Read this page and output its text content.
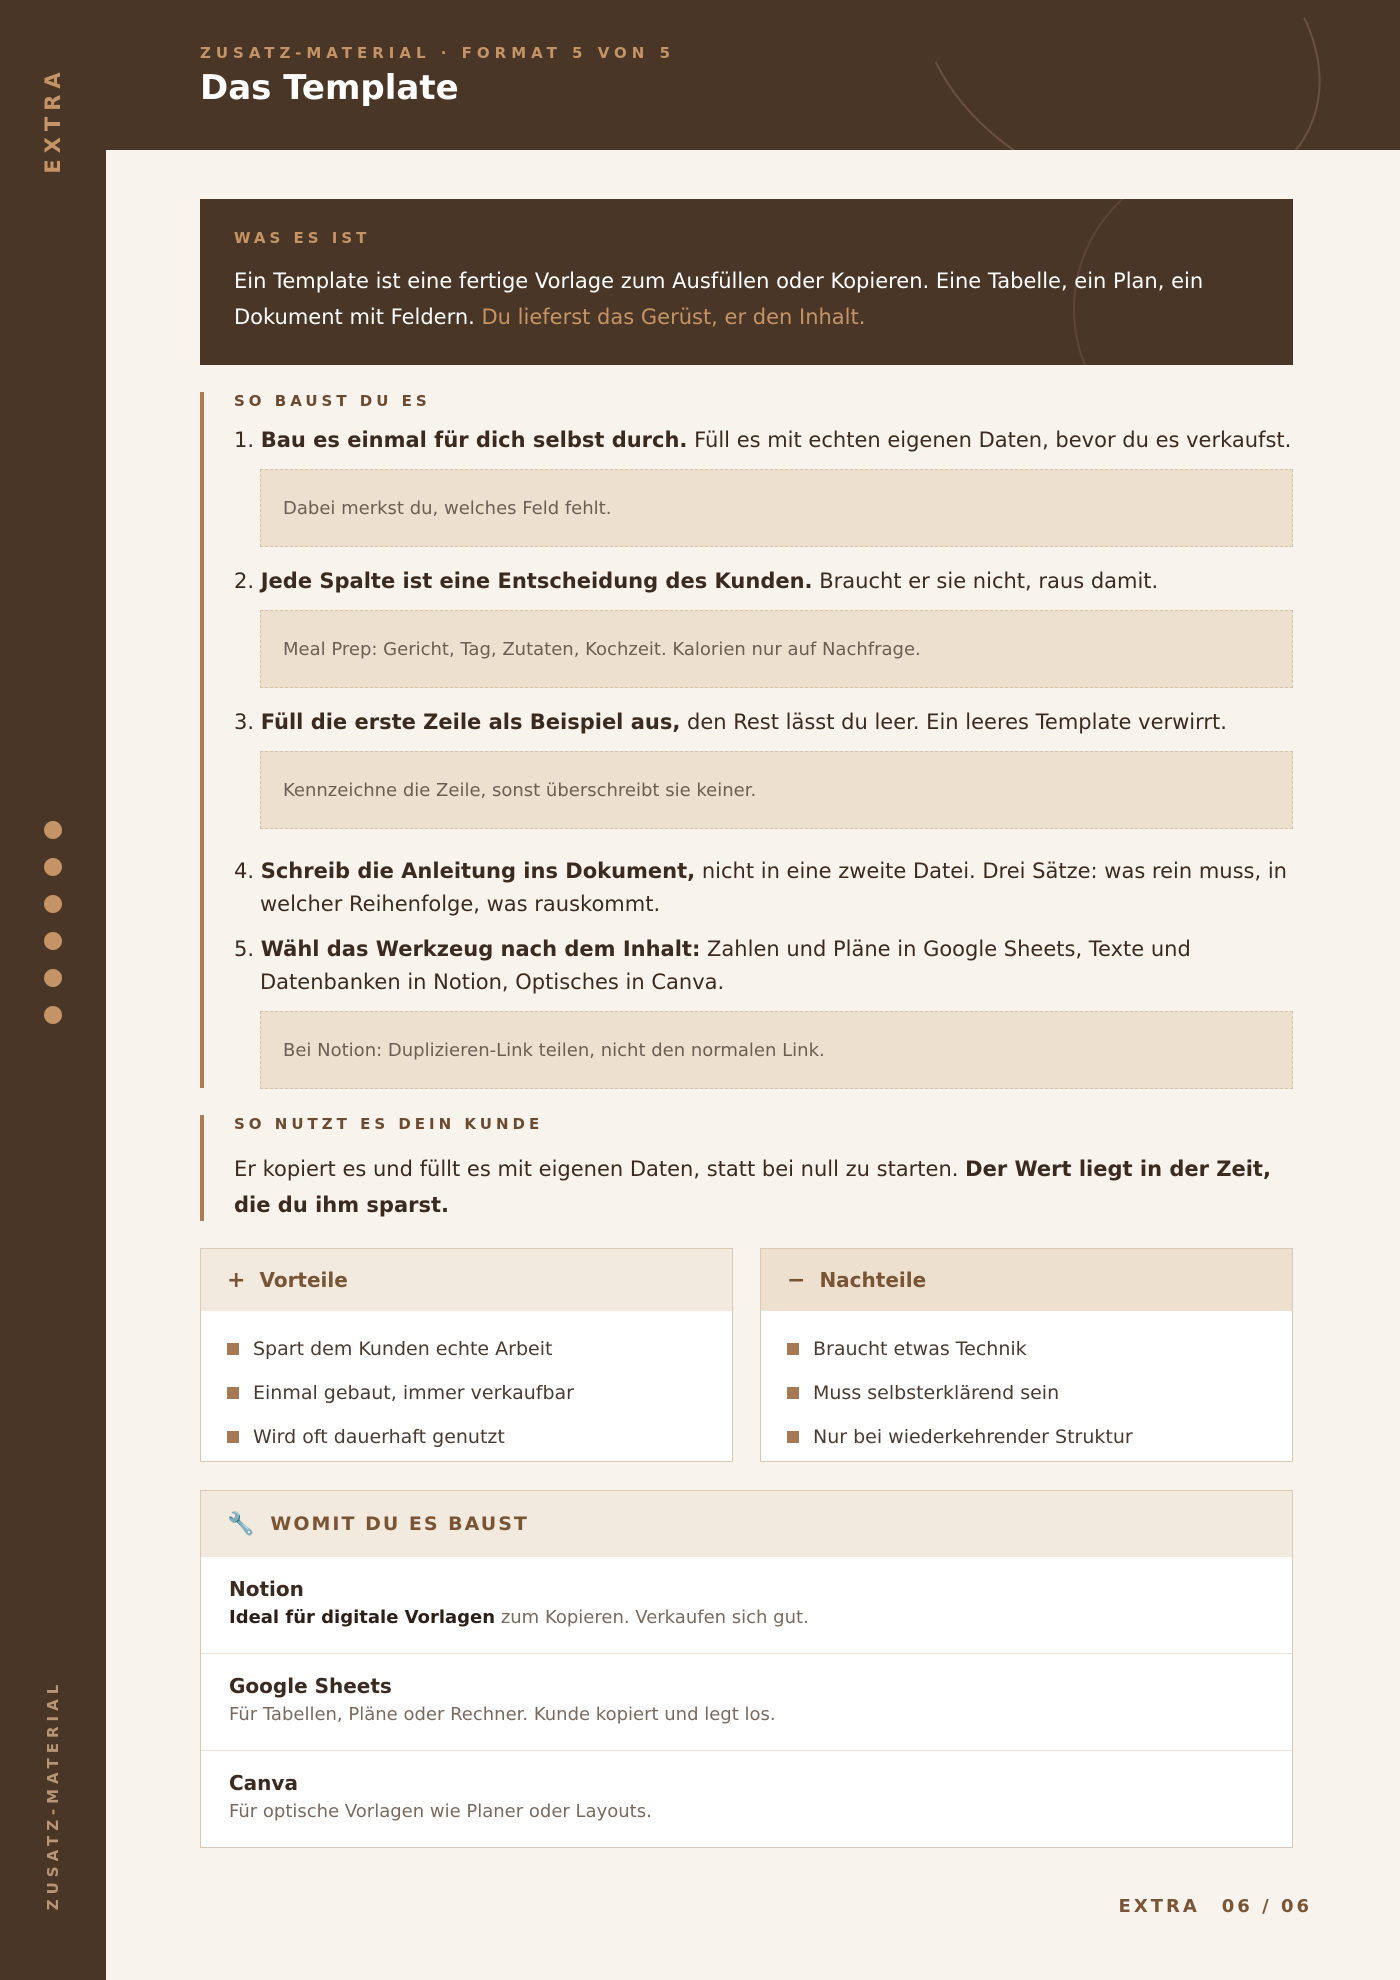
EXTRA
ZUSATZ-MATERIAL
ZUSATZ-MATERIAL · FORMAT 5 VON 5
Das Template
WAS ES IST

Ein Template ist eine fertige Vorlage zum Ausfüllen oder Kopieren. Eine Tabelle, ein Plan, ein Dokument mit Feldern. Du lieferst das Gerüst, er den Inhalt.

SO BAUST DU ES
1. Bau es einmal für dich selbst durch. Füll es mit echten eigenen Daten, bevor du es verkaufst.
Dabei merkst du, welches Feld fehlt.
2. Jede Spalte ist eine Entscheidung des Kunden. Braucht er sie nicht, raus damit.
Meal Prep: Gericht, Tag, Zutaten, Kochzeit. Kalorien nur auf Nachfrage.
3. Füll die erste Zeile als Beispiel aus, den Rest lässt du leer. Ein leeres Template verwirrt.
Kennzeichne die Zeile, sonst überschreibt sie keiner.
4. Schreib die Anleitung ins Dokument, nicht in eine zweite Datei. Drei Sätze: was rein muss, in welcher Reihenfolge, was rauskommt.
5. Wähl das Werkzeug nach dem Inhalt: Zahlen und Pläne in Google Sheets, Texte und Datenbanken in Notion, Optisches in Canva.
Bei Notion: Duplizieren-Link teilen, nicht den normalen Link.
SO NUTZT ES DEIN KUNDE

Er kopiert es und füllt es mit eigenen Daten, statt bei null zu starten. Der Wert liegt in der Zeit, die du ihm sparst.

+ Vorteile
Spart dem Kunden echte Arbeit
Einmal gebaut, immer verkaufbar
Wird oft dauerhaft genutzt
− Nachteile
Braucht etwas Technik
Muss selbsterklärend sein
Nur bei wiederkehrender Struktur
🔧 WOMIT DU ES BAUST
Notion
Ideal für digitale Vorlagen zum Kopieren. Verkaufen sich gut.
Google Sheets
Für Tabellen, Pläne oder Rechner. Kunde kopiert und legt los.
Canva
Für optische Vorlagen wie Planer oder Layouts.
EXTRA 06 / 06
